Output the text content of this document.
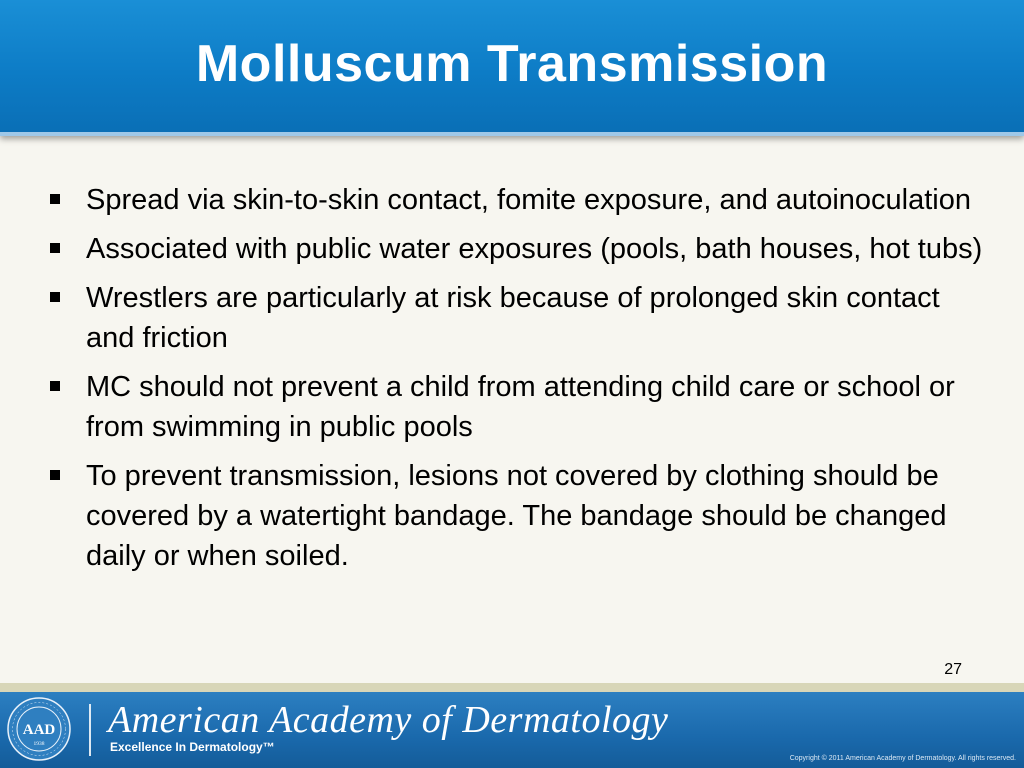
Molluscum Transmission
Spread via skin-to-skin contact, fomite exposure, and autoinoculation
Associated with public water exposures (pools, bath houses, hot tubs)
Wrestlers are particularly at risk because of prolonged skin contact and friction
MC should not prevent a child from attending child care or school or from swimming in public pools
To prevent transmission, lesions not covered by clothing should be covered by a watertight bandage. The bandage should be changed daily or when soiled.
27
AAD
1938
American Academy of Dermatology
Excellence In Dermatology™
Copyright © 2011 American Academy of Dermatology. All rights reserved.
